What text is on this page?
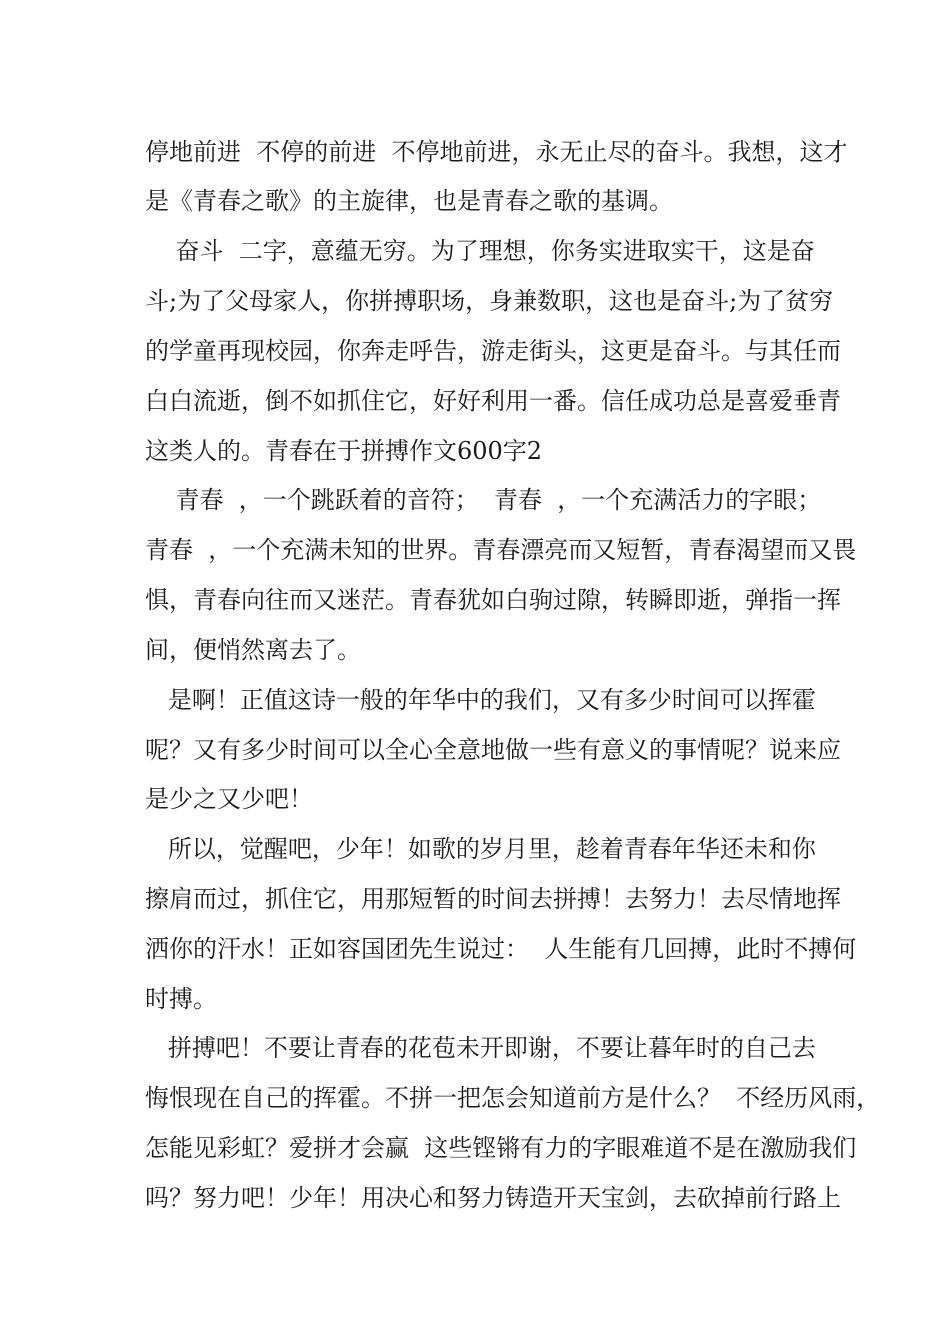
停地前进  不停的前进  不停地前进，永无止尽的奋斗。我想，这才

是《青春之歌》的主旋律，也是青春之歌的基调。

奋斗  二字，意蕴无穷。为了理想，你务实进取实干，这是奋

斗;为了父母家人，你拼搏职场，身兼数职，这也是奋斗;为了贫穷

的学童再现校园，你奔走呼告，游走街头，这更是奋斗。与其任而

白白流逝，倒不如抓住它，好好利用一番。信任成功总是喜爱垂青

这类人的。青春在于拼搏作文600字2

青春  ，一个跳跃着的音符；  青春  ，一个充满活力的字眼；

青春  ，一个充满未知的世界。青春漂亮而又短暂，青春渴望而又畏

惧，青春向往而又迷茫。青春犹如白驹过隙，转瞬即逝，弹指一挥

间，便悄然离去了。

是啊！正值这诗一般的年华中的我们，又有多少时间可以挥霍

呢？又有多少时间可以全心全意地做一些有意义的事情呢？说来应

是少之又少吧！

所以，觉醒吧，少年！如歌的岁月里，趁着青春年华还未和你

擦肩而过，抓住它，用那短暂的时间去拼搏！去努力！去尽情地挥

洒你的汗水！正如容国团先生说过：  人生能有几回搏，此时不搏何

时搏。

拼搏吧！不要让青春的花苞未开即谢，不要让暮年时的自己去

悔恨现在自己的挥霍。不拼一把怎会知道前方是什么？  不经历风雨，

怎能见彩虹？爱拼才会赢  这些铿锵有力的字眼难道不是在激励我们

吗？努力吧！少年！用决心和努力铸造开天宝剑，去砍掉前行路上
